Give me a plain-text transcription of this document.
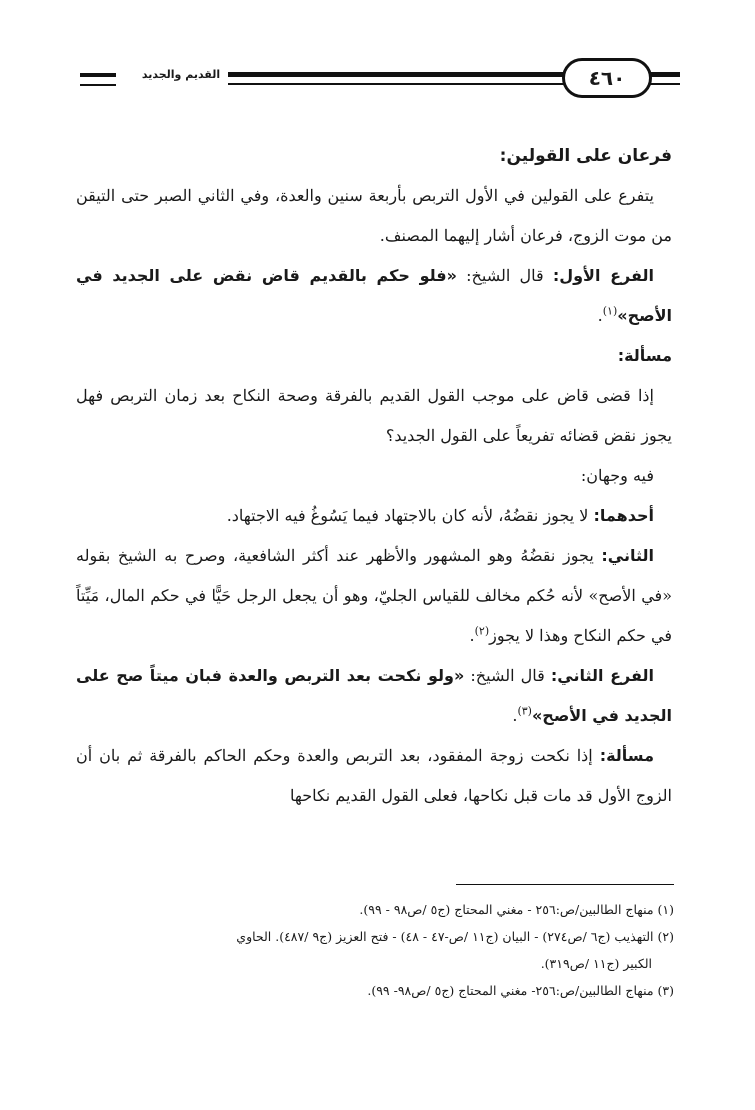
القديم والجديد	٤٦٠

فرعان على القولين:

يتفرع على القولين في الأول التربص بأربعة سنين والعدة، وفي الثاني الصبر حتى التيقن من موت الزوج، فرعان أشار إليهما المصنف.

الفرع الأول: قال الشيخ: «فلو حكم بالقديم قاض نقض على الجديد في الأصح»$^{(١)}$.

مسألة:

إذا قضى قاض على موجب القول القديم بالفرقة وصحة النكاح بعد زمان التربص فهل يجوز نقض قضائه تفريعاً على القول الجديد؟

فيه وجهان:

أحدهما: لا يجوز نقضُهُ، لأنه كان بالاجتهاد فيما يَسُوغُ فيه الاجتهاد.

الثاني: يجوز نقضُهُ وهو المشهور والأظهر عند أكثر الشافعية، وصرح به الشيخ بقوله «في الأصح» لأنه حُكم مخالف للقياس الجليّ، وهو أن يجعل الرجل حَيًّا في حكم المال، مَيِّتاً في حكم النكاح وهذا لا يجوز$^{(٢)}$.

الفرع الثاني: قال الشيخ: «ولو نكحت بعد التربص والعدة فبان ميتاً صح على الجديد في الأصح»$^{(٣)}$.

مسألة: إذا نكحت زوجة المفقود، بعد التربص والعدة وحكم الحاكم بالفرقة ثم بان أن الزوج الأول قد مات قبل نكاحها، فعلى القول القديم نكاحها

(١) منهاج الطالبين/ص:٢٥٦ - مغني المحتاج (ج٥ /ص٩٨ - ٩٩).

(٢) التهذيب (ج٦ /ص٢٧٤) - البيان (ج١١ /ص-٤٧ - ٤٨) - فتح العزيز (ج٩ /٤٨٧). الحاوي

الكبير (ج١١ /ص٣١٩).

(٣) منهاج الطالبين/ص:٢٥٦- مغني المحتاج (ج٥ /ص٩٨- ٩٩).
